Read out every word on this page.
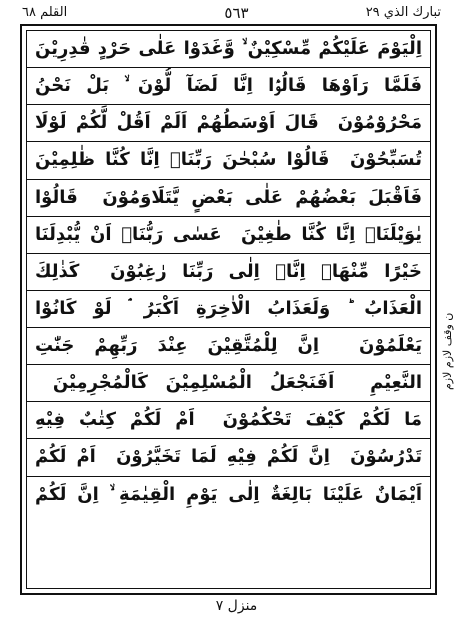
القلم ٦٨	٥٦٣	تبارك الذي ٢٩
اِلْيَوْمَ عَلَيْكُمْ مِّسْكِيْنٌ ۙ‏ وَّغَدَوْا عَلٰى حَرْدٍ قٰدِرِيْنَ
فَلَمَّا رَاَوْهَا قَالُوْۤا اِنَّا لَضَآ لُّوْنَ ۙ‏ بَلْ نَحْنُ
مَحْرُوْمُوْنَ ‏ قَالَ اَوْسَطُهُمْ اَلَمْ اَقُلْ لَّكُمْ لَوْلَا
تُسَبِّحُوْنَ ‏ قَالُوْا سُبْحٰنَ رَبِّنَاۤ اِنَّا كُنَّا ظٰلِمِيْنَ
فَاَقْبَلَ بَعْضُهُمْ عَلٰى بَعْضٍ يَّتَلَاوَمُوْنَ ‏ قَالُوْا
يٰوَيْلَنَاۤ اِنَّا كُنَّا طٰغِيْنَ ‏ عَسٰى رَبُّنَاۤ اَنْ يُّبْدِلَنَا
خَيْرًا مِّنْهَاۤ اِنَّاۤ اِلٰى رَبِّنَا رٰغِبُوْنَ ‏ كَذٰلِكَ
الْعَذَابُ ؕ وَلَعَذَابُ الْاٰخِرَةِ اَكْبَرُ ۘ لَوْ كَانُوْا
يَعْلَمُوْنَ ‏ اِنَّ لِلْمُتَّقِيْنَ عِنْدَ رَبِّهِمْ جَنّٰتِ
النَّعِيْمِ ‏ اَفَنَجْعَلُ الْمُسْلِمِيْنَ كَالْمُجْرِمِيْنَ ‏
مَا لَكُمْ كَيْفَ تَحْكُمُوْنَ ‏ اَمْ لَكُمْ كِتٰبٌ فِيْهِ
تَدْرُسُوْنَ ‏ اِنَّ لَكُمْ فِيْهِ لَمَا تَخَيَّرُوْنَ ‏ اَمْ لَكُمْ
اَيْمَانٌ عَلَيْنَا بَالِغَةٌ اِلٰى يَوْمِ الْقِيٰمَةِ ۙ اِنَّ لَكُمْ
ن وقف لازم لازم
منزل ٧
